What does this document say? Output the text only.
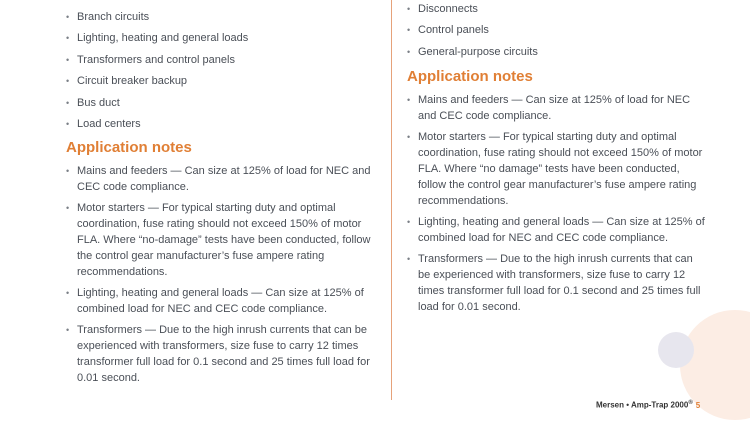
• Branch circuits
• Lighting, heating and general loads
• Transformers and control panels
• Circuit breaker backup
• Bus duct
• Load centers
Application notes
• Mains and feeders — Can size at 125% of load for NEC and CEC code compliance.
• Motor starters — For typical starting duty and optimal coordination, fuse rating should not exceed 150% of motor FLA. Where “no-damage” tests have been conducted, follow the control gear manufacturer’s fuse ampere rating recommendations.
• Lighting, heating and general loads — Can size at 125% of combined load for NEC and CEC code compliance.
• Transformers — Due to the high inrush currents that can be experienced with transformers, size fuse to carry 12 times transformer full load for 0.1 second and 25 times full load for 0.01 second.
• Disconnects
• Control panels
• General-purpose circuits
Application notes
• Mains and feeders — Can size at 125% of load for NEC and CEC code compliance.
• Motor starters — For typical starting duty and optimal coordination, fuse rating should not exceed 150% of motor FLA. Where “no damage” tests have been conducted, follow the control gear manufacturer’s fuse ampere rating recommendations.
• Lighting, heating and general loads — Can size at 125% of combined load for NEC and CEC code compliance.
• Transformers — Due to the high inrush currents that can be experienced with transformers, size fuse to carry 12 times transformer full load for 0.1 second and 25 times full load for 0.01 second.
Mersen • Amp-Trap 2000® 5
